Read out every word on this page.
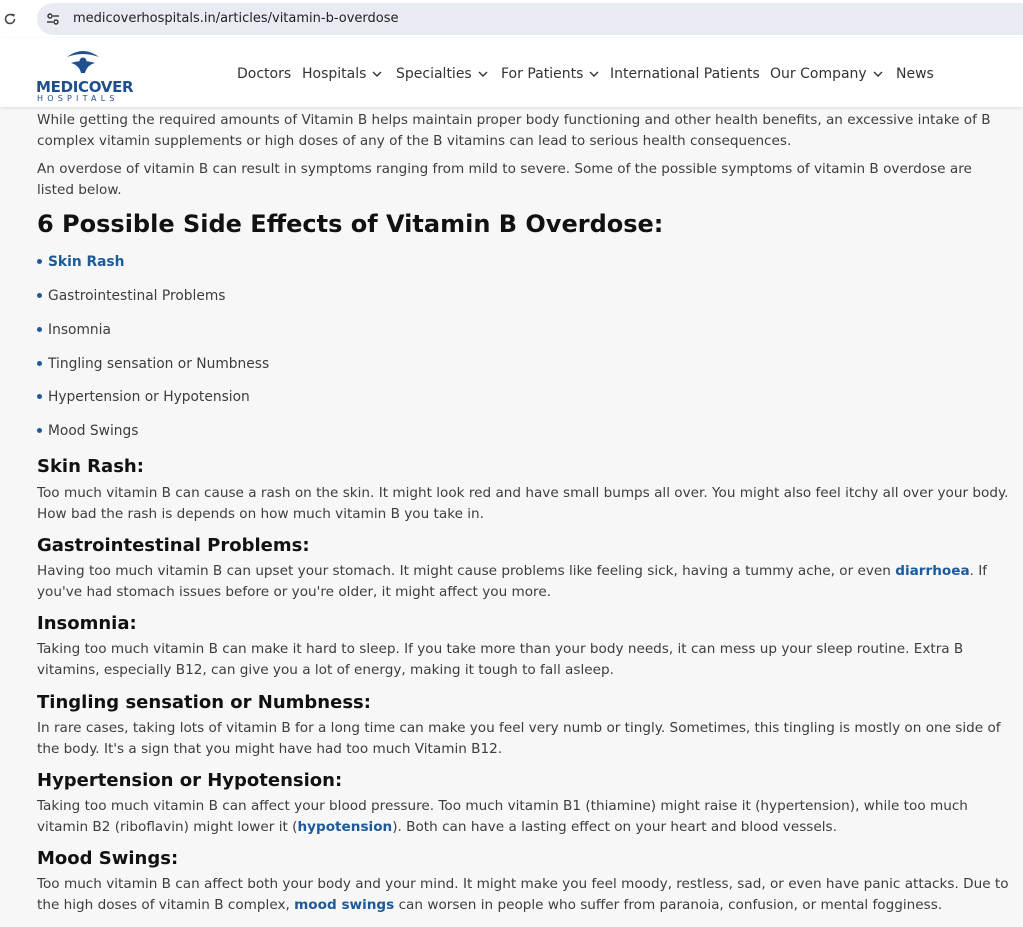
medicoverhospitals.in/articles/vitamin-b-overdose
MEDICOVER
HOSPITALS
Doctors Hospitals	Specialties	For Patients	International Patients Our Company	News

While getting the required amounts of Vitamin B helps maintain proper body functioning and other health benefits, an excessive intake of B complex vitamin supplements or high doses of any of the B vitamins can lead to serious health consequences.

An overdose of vitamin B can result in symptoms ranging from mild to severe. Some of the possible symptoms of vitamin B overdose are listed below.

6 Possible Side Effects of Vitamin B Overdose:
Skin Rash
Gastrointestinal Problems
Insomnia
Tingling sensation or Numbness
Hypertension or Hypotension
Mood Swings
Skin Rash:

Too much vitamin B can cause a rash on the skin. It might look red and have small bumps all over. You might also feel itchy all over your body. How bad the rash is depends on how much vitamin B you take in.

Gastrointestinal Problems:

Having too much vitamin B can upset your stomach. It might cause problems like feeling sick, having a tummy ache, or even diarrhoea. If you've had stomach issues before or you're older, it might affect you more.

Insomnia:

Taking too much vitamin B can make it hard to sleep. If you take more than your body needs, it can mess up your sleep routine. Extra B vitamins, especially B12, can give you a lot of energy, making it tough to fall asleep.

Tingling sensation or Numbness:

In rare cases, taking lots of vitamin B for a long time can make you feel very numb or tingly. Sometimes, this tingling is mostly on one side of the body. It's a sign that you might have had too much Vitamin B12.

Hypertension or Hypotension:

Taking too much vitamin B can affect your blood pressure. Too much vitamin B1 (thiamine) might raise it (hypertension), while too much vitamin B2 (riboflavin) might lower it (hypotension). Both can have a lasting effect on your heart and blood vessels.

Mood Swings:

Too much vitamin B can affect both your body and your mind. It might make you feel moody, restless, sad, or even have panic attacks. Due to the high doses of vitamin B complex, mood swings can worsen in people who suffer from paranoia, confusion, or mental fogginess.
